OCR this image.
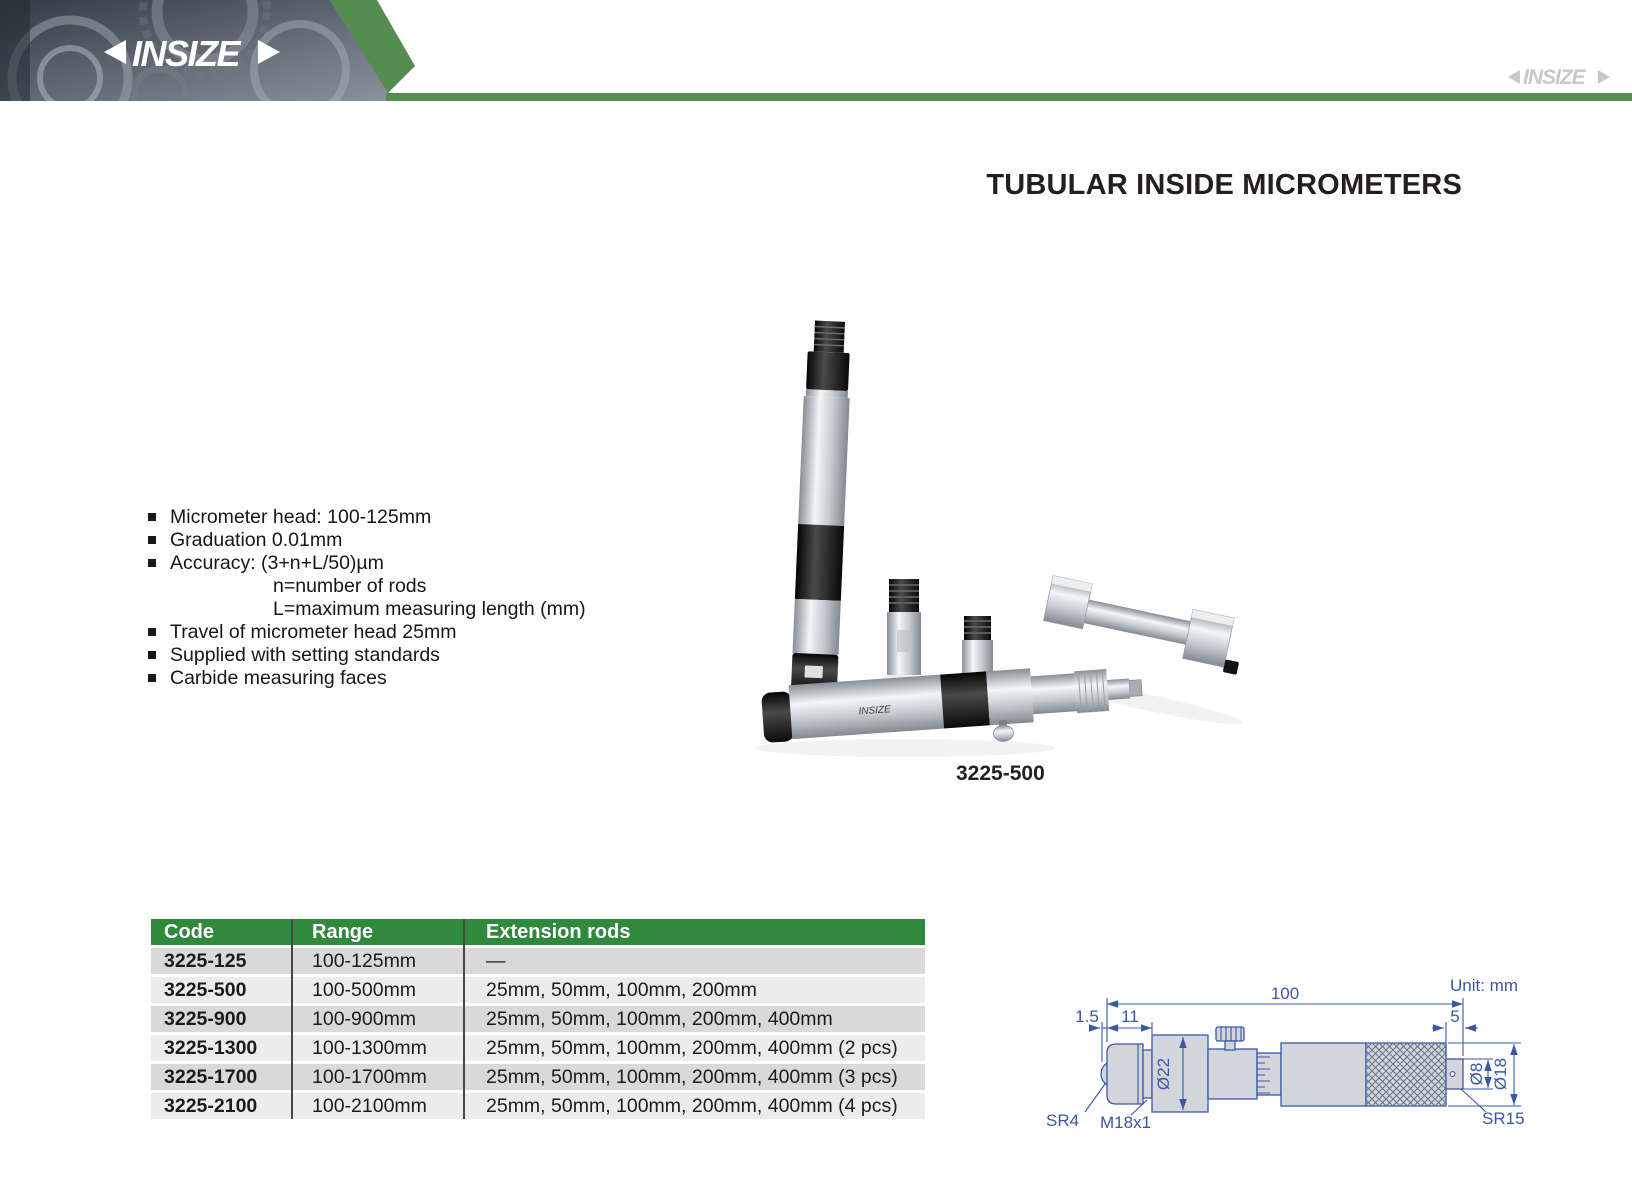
INSIZE
INSIZE
TUBULAR INSIDE MICROMETERS
Micrometer head: 100-125mm
Graduation 0.01mm
Accuracy: (3+n+L/50)µm
n=number of rods
L=maximum measuring length (mm)
Travel of micrometer head 25mm
Supplied with setting standards
Carbide measuring faces
INSIZE
3225-500
Code	Range	Extension rods
3225-125	100-125mm	—
3225-500	100-500mm	25mm, 50mm, 100mm, 200mm
3225-900	100-900mm	25mm, 50mm, 100mm, 200mm, 400mm
3225-1300	100-1300mm	25mm, 50mm, 100mm, 200mm, 400mm (2 pcs)
3225-1700	100-1700mm	25mm, 50mm, 100mm, 200mm, 400mm (3 pcs)
3225-2100	100-2100mm	25mm, 50mm, 100mm, 200mm, 400mm (4 pcs)
Unit: mm
100
1.5 11	5
Ø22	Ø8 Ø18
SR4 M18x1	SR15
